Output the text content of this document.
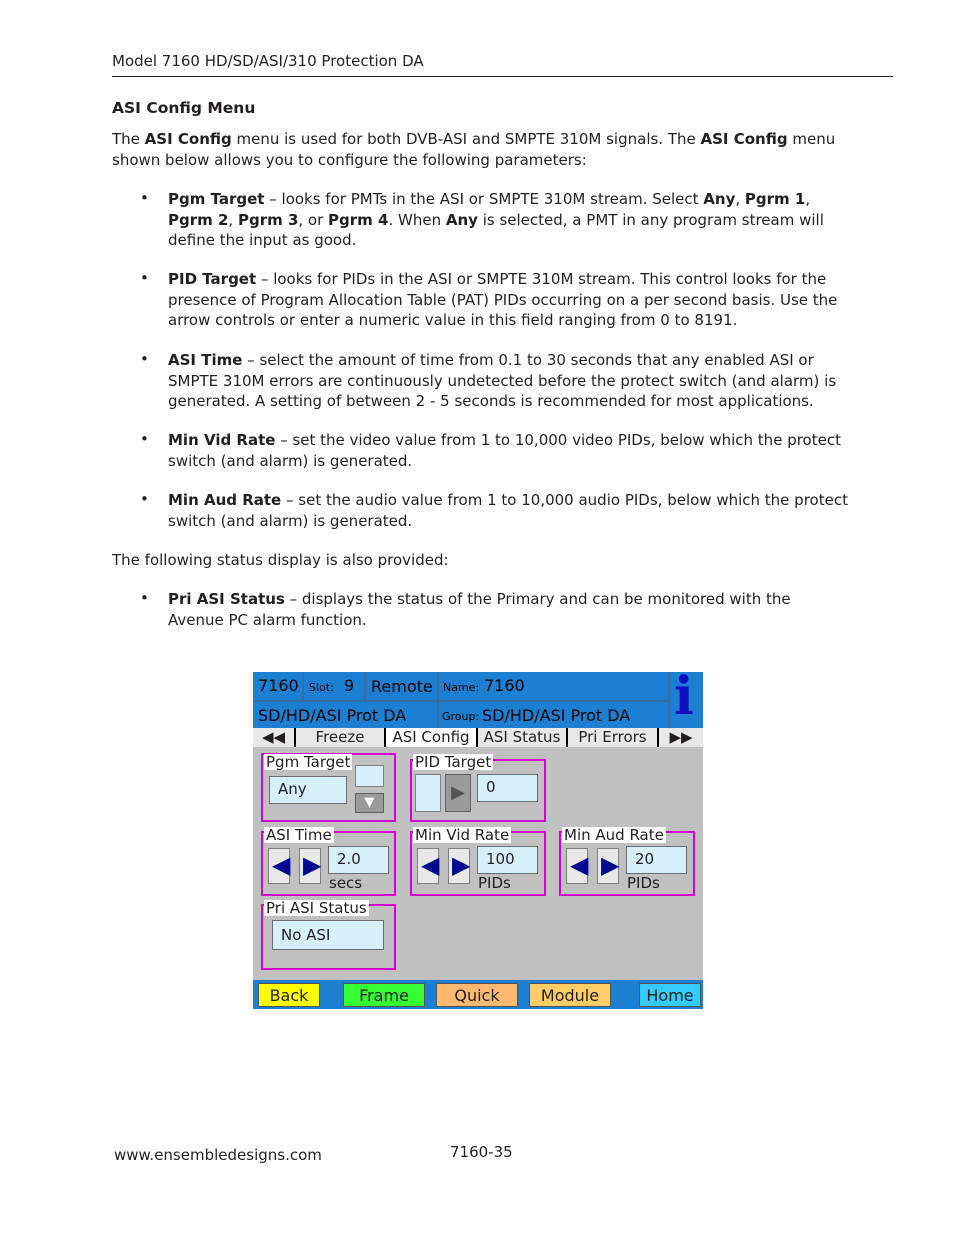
Model 7160 HD/SD/ASI/310 Protection DA
ASI Config Menu
The ASI Config menu is used for both DVB-ASI and SMPTE 310M signals. The ASI Config menu shown below allows you to configure the following parameters:
• Pgm Target – looks for PMTs in the ASI or SMPTE 310M stream. Select Any, Pgrm 1, Pgrm 2, Pgrm 3, or Pgrm 4. When Any is selected, a PMT in any program stream will define the input as good.
• PID Target – looks for PIDs in the ASI or SMPTE 310M stream. This control looks for the presence of Program Allocation Table (PAT) PIDs occurring on a per second basis. Use the arrow controls or enter a numeric value in this field ranging from 0 to 8191.
• ASI Time – select the amount of time from 0.1 to 30 seconds that any enabled ASI or SMPTE 310M errors are continuously undetected before the protect switch (and alarm) is generated. A setting of between 2 - 5 seconds is recommended for most applications.
• Min Vid Rate – set the video value from 1 to 10,000 video PIDs, below which the protect switch (and alarm) is generated.
• Min Aud Rate – set the audio value from 1 to 10,000 audio PIDs, below which the protect switch (and alarm) is generated.
The following status display is also provided:
• Pri ASI Status – displays the status of the Primary and can be monitored with the Avenue PC alarm function.
7160 Slot: 9 Remote Name: 7160
SD/HD/ASI Prot DA	Group: SD/HD/ASI Prot DA i
◀◀	Freeze	ASI Config ASI Status	Pri Errors	▶▶
Pgm Target
Any
▼
PID Target
▶	0
ASI Time
◀ ▶	2.0
secs
Min Vid Rate
◀ ▶	100
PIDs
Min Aud Rate
◀ ▶	20
PIDs
Pri ASI Status
No ASI
Back	Frame	Quick	Module	Home
www.ensembledesigns.com	7160-35
